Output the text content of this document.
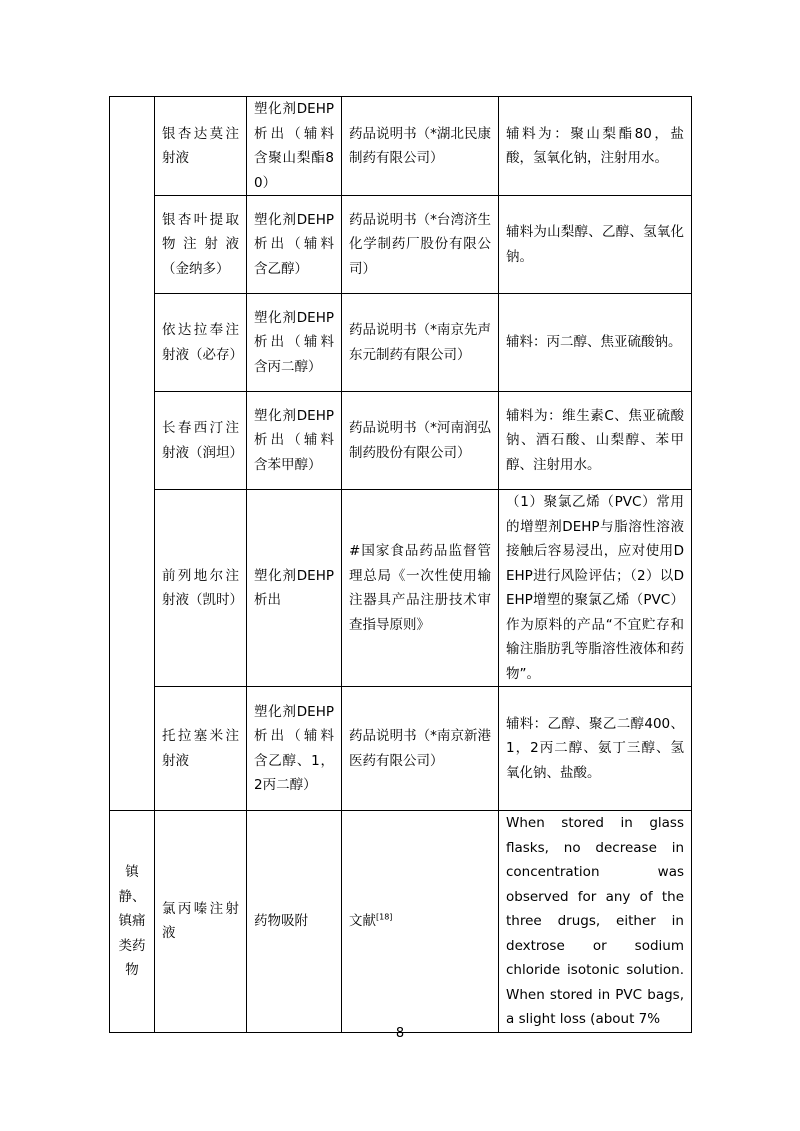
	银杏达莫注射液	塑化剂DEHP析出（辅料含聚山梨酯80）	药品说明书（*湖北民康制药有限公司）	辅料为：聚山梨酯80，盐酸，氢氧化钠，注射用水。
	银杏叶提取物注射液（金纳多）	塑化剂DEHP析出（辅料含乙醇）	药品说明书（*台湾济生化学制药厂股份有限公司）	辅料为山梨醇、乙醇、氢氧化钠。
	依达拉奉注射液（必存）	塑化剂DEHP析出（辅料含丙二醇）	药品说明书（*南京先声东元制药有限公司）	辅料：丙二醇、焦亚硫酸钠。
	长春西汀注射液（润坦）	塑化剂DEHP析出（辅料含苯甲醇）	药品说明书（*河南润弘制药股份有限公司）	辅料为：维生素C、焦亚硫酸钠、酒石酸、山梨醇、苯甲醇、注射用水。
	前列地尔注射液（凯时）	塑化剂DEHP析出	#国家食品药品监督管理总局《一次性使用输注器具产品注册技术审查指导原则》	（1）聚氯乙烯（PVC）常用的增塑剂DEHP与脂溶性溶液接触后容易浸出，应对使用DEHP进行风险评估；（2）以DEHP增塑的聚氯乙烯（PVC）作为原料的产品“不宜贮存和输注脂肪乳等脂溶性液体和药物”。
	托拉塞米注射液	塑化剂DEHP析出（辅料含乙醇、1，2丙二醇）	药品说明书（*南京新港医药有限公司）	辅料：乙醇、聚乙二醇400、1，2丙二醇、氨丁三醇、氢氧化钠、盐酸。
镇静、镇痛类药物	氯丙嗪注射液	药物吸附	文献[18]	When stored in glass flasks, no decrease in concentration was observed for any of the three drugs, either in dextrose or sodium chloride isotonic solution. When stored in PVC bags, a slight loss (about 7%
8
